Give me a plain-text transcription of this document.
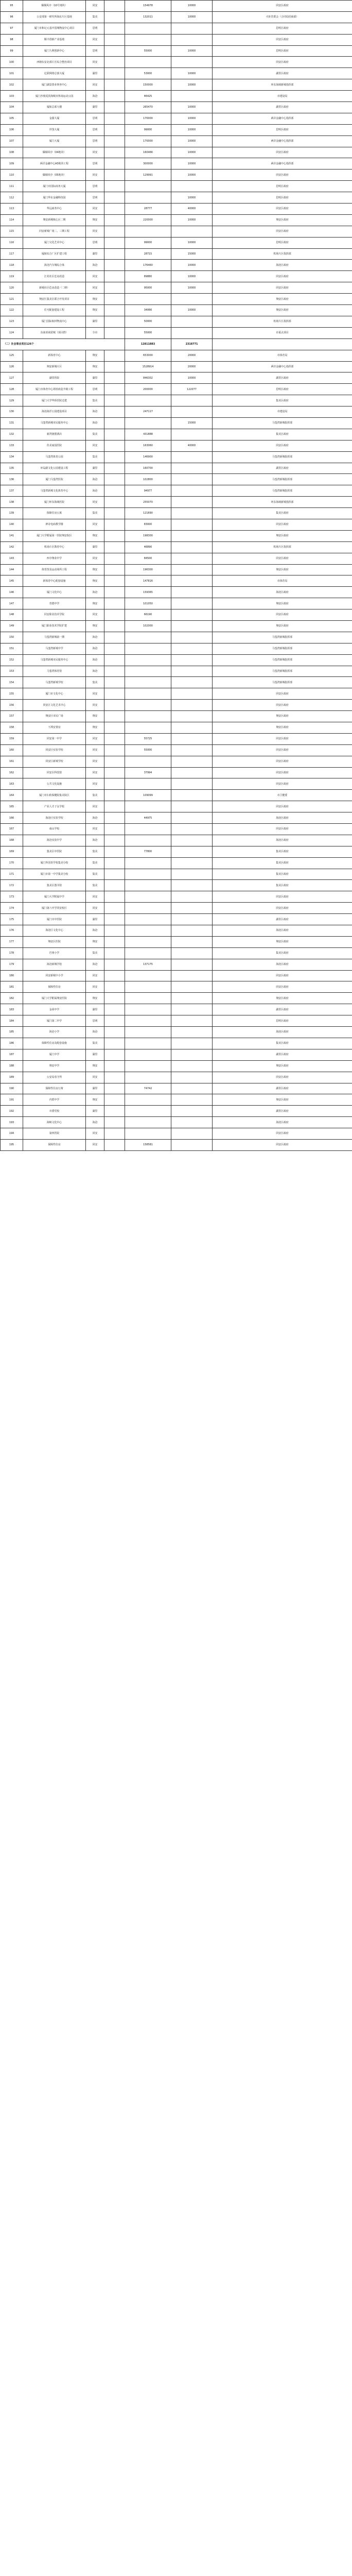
95	爆烟风亭（10号地块）	同安		154978	10000	同安区政府
96	公安部第一研究所海东片区基地	集美		132011	10000	火炬管委会（合同局招商部）
97	厦门市和记元基中国城物流中心项目	思明				思明区政府
98	顺丰创新产业基地	同安				同安区政府
99	厦门九利创新中心	思明		55000	10000	思明区政府
100	西塘东安北部片区综合整治项目	同安				同安区政府
101	亿联网络总部大厦	湖里		53000	10000	湖里区政府
102	厦门湖景置业事务中心	同安		150000	10000	环东海域新城指挥部
103	厦门沙坡尾滨海城市休闲运动公园	海沧		46425		市建设局
104	厦航总部大楼	湖里		265470	10000	湖里区政府
105	金圆大厦	思明		170000	10000	两岸金融中心指挥部
106	世茂大厦	思明		99000	10000	思明区政府
107	厦门大厦	思明		170000	10000	两岸金融中心指挥部
108	爆烟风亭（04地块）	同安		160466	10000	同安区政府
109	两岸金融中心A3地块工程	思明		300000	10000	两岸金融中心指挥部
110	爆烟风亭（05地块）	同安		129991	10000	同安区政府
111	厦门市国际商务大厦	思明				思明区政府
112	厦门华东金融科技园	思明			10000	思明区政府
113	华远商务中心	同安		28777	40000	同安区政府
114	翔安新城核心区二期	翔安		220000	10000	翔安区政府
115	同安新城广场二、三期工程	同安				同安区政府
116	厦门文化艺术中心	思明		99000	10000	思明区政府
117	厦航综合厂区扩建工程	湖里		28715	15000	机场片区指挥部
118	海沧汽车城综合体	海沧		176460	10000	海沧区政府
119	江村社区危房改造	同安		89880	10000	同安区政府
120	新城社区危房改造（二期）	同安		95000	10000	同安区政府
121	翔安区集美区联合开发项目	翔安				翔安区政府
122	住宅配套建设工程	翔安		34066	10000	翔安区政府
123	厦门国际航材物流中心	湖里		50000		机场片区指挥部
124	东南亚商贸城（项目群）	全市		55000		市重点项目
（二）社会事业项目126个				12811883	2318771	
125	新体育中心	翔安		653000	20000	市体育局
126	翔安新城片区	翔安		1528914	20000	两岸金融中心指挥部
127	湖里医院	湖里		846302	10000	湖里区政府
128	厦门市体育中心场馆改造升级工程	思明		200000	122077	思明区政府
129	厦门大学华侨医院迁建	集美				集美区政府
130	海沧海洋公园建设项目	海沧		247117		市建设局
131	马銮湾新城市民服务中心	海沧			15000	马銮湾新城指挥部
132	新湾渡假酒店	集美		431888		集美区政府
133	佳美家园医院	同安		163060	40000	同安区政府
134	马銮湾体育公园	集美		146900		马銮湾新城指挥部
135	环岛路文化公园建设工程	湖里		160700		湖里区政府
136	厦门马銮湾医院	海沧		102800		马銮湾新城指挥部
137	马銮湾新城文化体育中心	海沧		94977		马銮湾新城指挥部
138	厦门环东海域医院	同安		255070		环东海域新城指挥部
139	保障住房公寓	集美		121690		集美区政府
140	神奇电商教学楼	同安		83000		同安区政府
141	厦门大学附属第一医院翔安院区	翔安		198300		翔安区政府
142	机场片区教育中心	湖里		46890		机场片区指挥部
143	西亭翔业中学	同安		84500		同安区政府
144	体育馆及运动场所工程	翔安		196300		翔安区政府
145	新体育中心配套设施	翔安		147816		市体育局
146	厦门文化中心	海沧		159365		海沧区政府
147	育德中学	翔安		101050		翔安区政府
148	同安职业技术学院	同安		66190		同安区政府
149	厦门职业技术学院扩建	翔安		102000		翔安区政府
150	马銮湾新城第一期	海沧				马銮湾新城指挥部
151	马銮湾新城中学	海沧				马銮湾新城指挥部
152	马銮湾新城市民服务中心	海沧				马銮湾新城指挥部
153	马銮湾体育馆	海沧				马銮湾新城指挥部
154	马銮湾新城学校	集美				马銮湾新城指挥部
155	厦门市文化中心	同安				同安区政府
156	同安区文化艺术中心	同安				同安区政府
157	翔安区市民广场	翔安				翔安区政府
158	下潭安置房	翔安				翔安区政府
159	同安第一中学	同安		55725		同安区政府
160	同安区实验学校	同安		55000		同安区政府
161	同安区新城学校	同安				同安区政府
162	同安区科技馆	同安		37994		同安区政府
163	公共文化设施	同安				同安区政府
164	厦门市妇幼保健院集美院区	集美		109099		市卫健委
165	产业人才子女学校	同安				同安区政府
166	海沧区实验学校	海沧		44975		海沧区政府
167	南山学校	同安				同安区政府
168	海沧实验中学	海沧				海沧区政府
169	集美区中医院	集美		77800		集美区政府
170	厦门外国语学校集美分校	集美				集美区政府
171	厦门市第一中学集美分校	集美				集美区政府
172	集美区图书馆	集美				集美区政府
173	厦门大学附属中学	同安				同安区政府
174	厦门第六中学同安校区	同安				同安区政府
175	厦门市中医院	湖里				湖里区政府
176	海沧区文化中心	海沧				海沧区政府
177	翔安区医院	翔安				翔安区政府
178	巴蒂小学	集美				集美区政府
179	海沧新城学校	海沧		137175		海沧区政府
180	同安新城中小学	同安				同安区政府
181	保障性住房	同安				同安区政府
182	厦门大学附属翔安医院	翔安				翔安区政府
183	金尚中学	湖里				湖里区政府
184	厦门第二中学	思明				思明区政府
185	海沧小学	海沧				海沧区政府
186	保障性住房及配套设施	集美				集美区政府
187	厦门中学	湖里				湖里区政府
188	翔安中学	翔安				翔安区政府
189	公安局看守所	同安				同安区政府
190	保障性住房公寓	湖里		74742		湖里区政府
191	内厝中学	翔安				翔安区政府
192	市委党校	湖里				湖里区政府
193	海峡文化中心	海沧				海沧区政府
194	第四医院	同安				同安区政府
195	保障性住房	同安		158581		同安区政府
